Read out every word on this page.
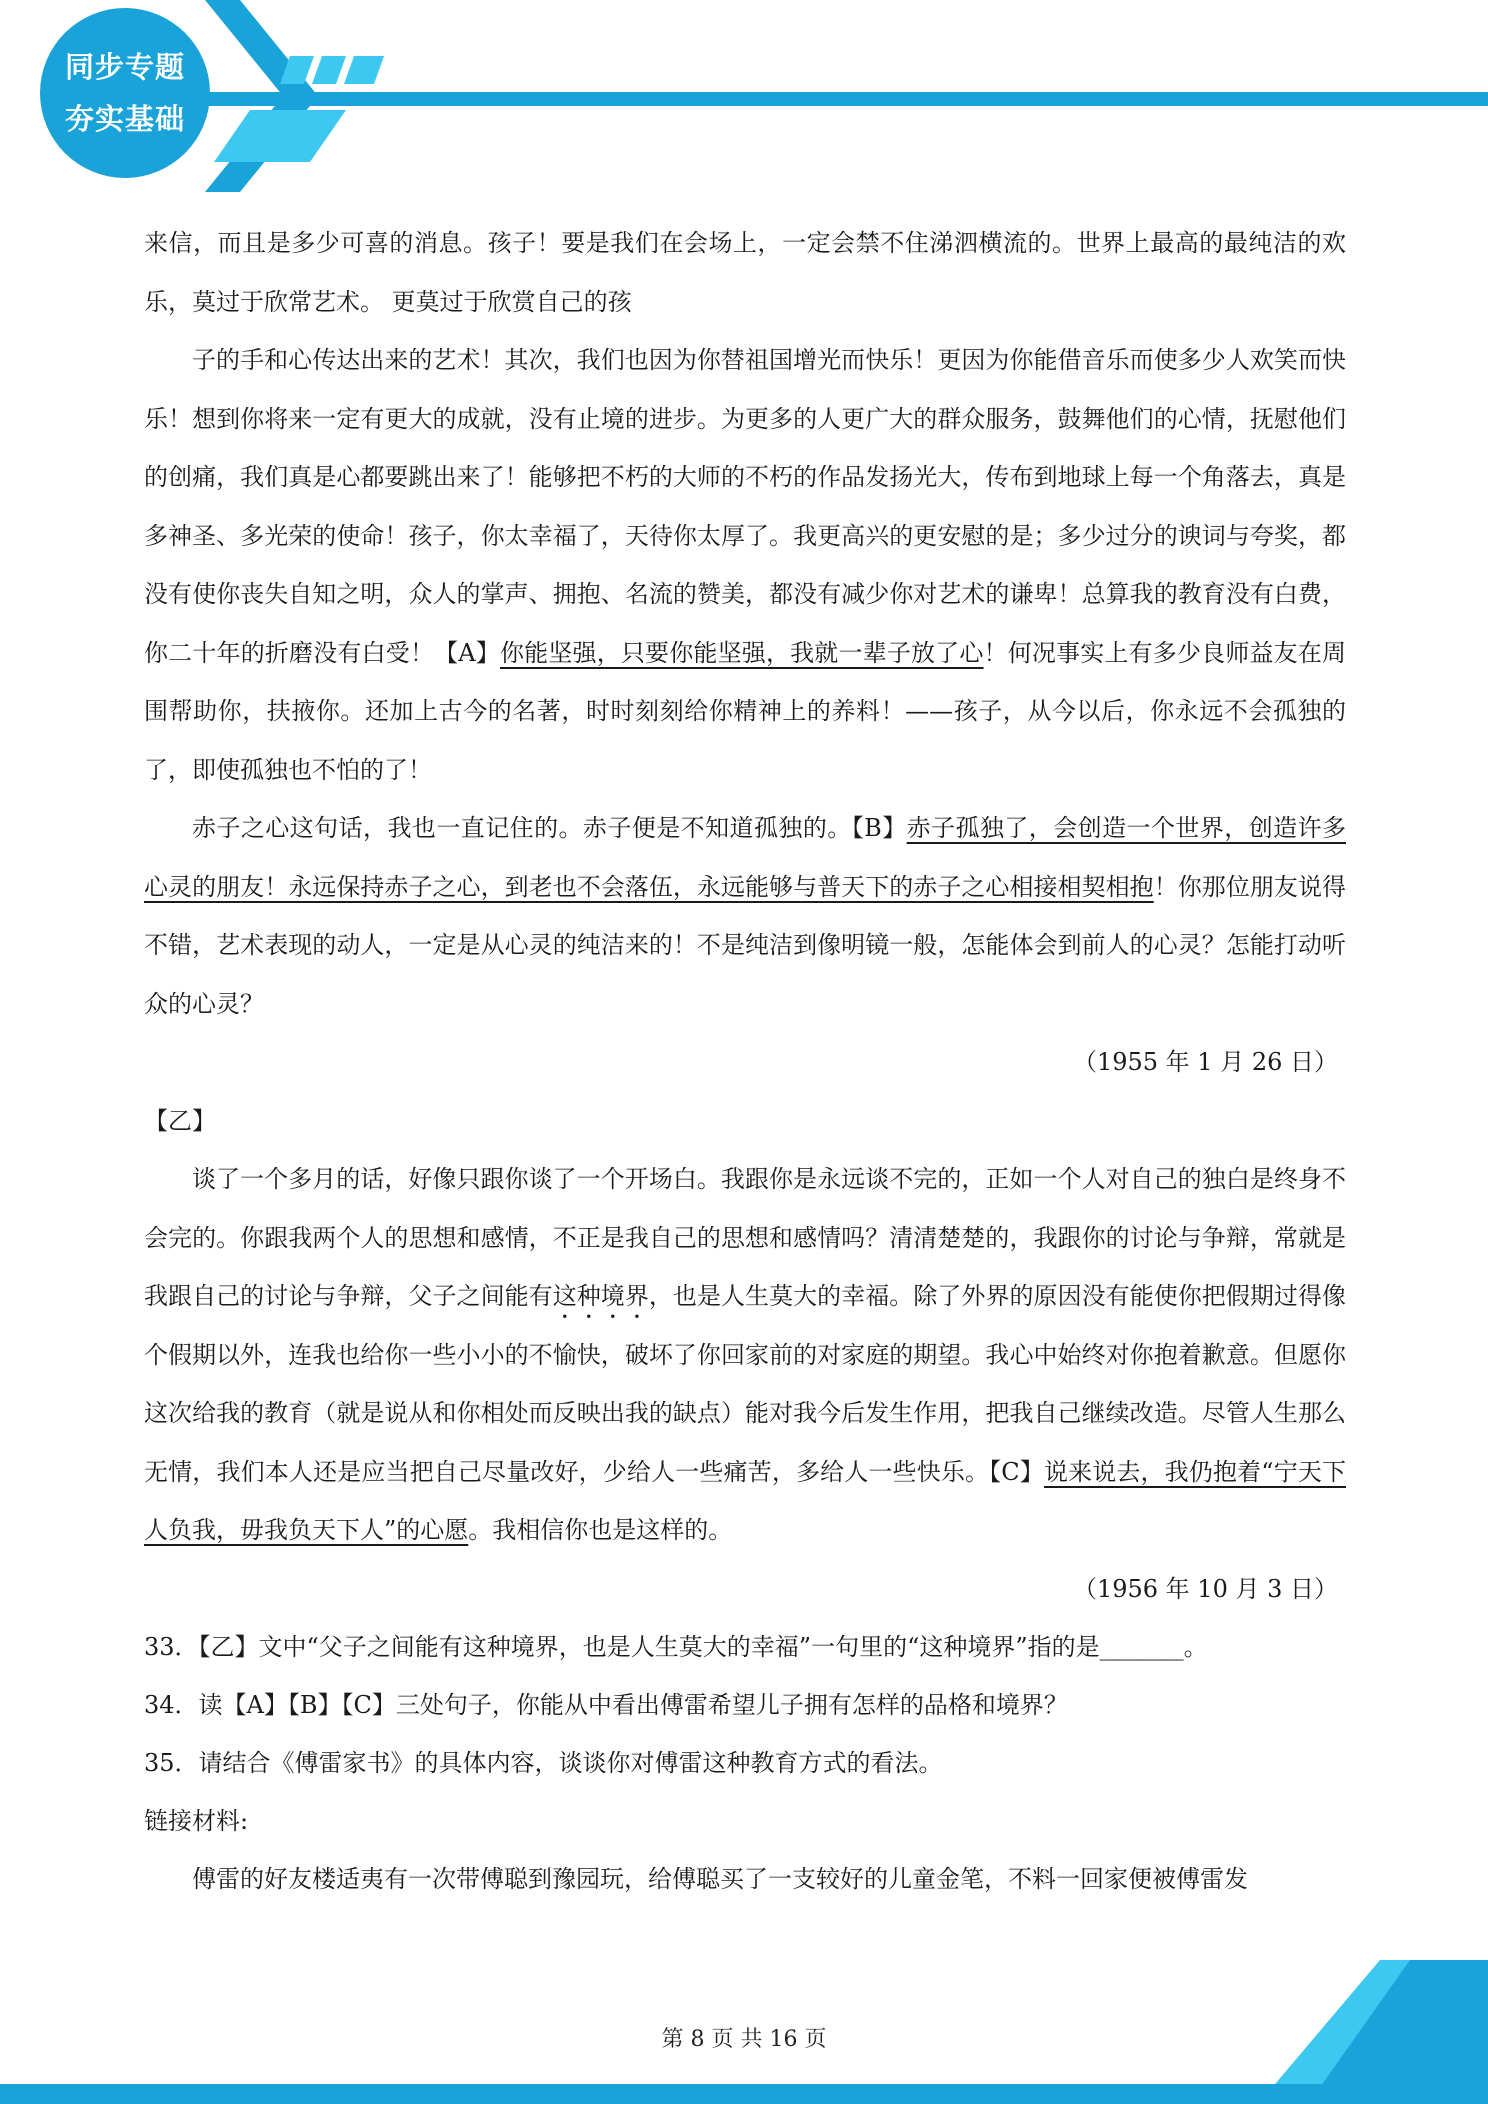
同步专题
夯实基础

来信，而且是多少可喜的消息。孩子！要是我们在会场上，一定会禁不住涕泗横流的。世界上最高的最纯洁的欢乐，莫过于欣常艺术。 更莫过于欣赏自己的孩

子的手和心传达出来的艺术！其次，我们也因为你替祖国增光而快乐！更因为你能借音乐而使多少人欢笑而快乐！想到你将来一定有更大的成就，没有止境的进步。为更多的人更广大的群众服务，鼓舞他们的心情，抚慰他们的创痛，我们真是心都要跳出来了！能够把不朽的大师的不朽的作品发扬光大，传布到地球上每一个角落去，真是多神圣、多光荣的使命！孩子，你太幸福了，天待你太厚了。我更高兴的更安慰的是；多少过分的谀词与夸奖，都没有使你丧失自知之明，众人的掌声、拥抱、名流的赞美，都没有减少你对艺术的谦卑！总算我的教育没有白费，你二十年的折磨没有白受！【A】你能坚强，只要你能坚强，我就一辈子放了心！何况事实上有多少良师益友在周围帮助你，扶掖你。还加上古今的名著，时时刻刻给你精神上的养料！——孩子，从今以后，你永远不会孤独的了，即使孤独也不怕的了！

赤子之心这句话，我也一直记住的。赤子便是不知道孤独的。【B】赤子孤独了，会创造一个世界，创造许多心灵的朋友！永远保持赤子之心，到老也不会落伍，永远能够与普天下的赤子之心相接相契相抱！你那位朋友说得不错，艺术表现的动人，一定是从心灵的纯洁来的！不是纯洁到像明镜一般，怎能体会到前人的心灵？怎能打动听众的心灵？

（1955 年 1 月 26 日）

【乙】

谈了一个多月的话，好像只跟你谈了一个开场白。我跟你是永远谈不完的，正如一个人对自己的独白是终身不会完的。你跟我两个人的思想和感情，不正是我自己的思想和感情吗？清清楚楚的，我跟你的讨论与争辩，常就是我跟自己的讨论与争辩，父子之间能有这种境界，也是人生莫大的幸福。除了外界的原因没有能使你把假期过得像个假期以外，连我也给你一些小小的不愉快，破坏了你回家前的对家庭的期望。我心中始终对你抱着歉意。但愿你这次给我的教育（就是说从和你相处而反映出我的缺点）能对我今后发生作用，把我自己继续改造。尽管人生那么无情，我们本人还是应当把自己尽量改好，少给人一些痛苦，多给人一些快乐。【C】说来说去，我仍抱着“宁天下人负我，毋我负天下人”的心愿。我相信你也是这样的。

（1956 年 10 月 3 日）

33．【乙】文中“父子之间能有这种境界，也是人生莫大的幸福”一句里的“这种境界”指的是_______。

34．读【A】【B】【C】三处句子，你能从中看出傅雷希望儿子拥有怎样的品格和境界？

35．请结合《傅雷家书》的具体内容，谈谈你对傅雷这种教育方式的看法。

链接材料:

傅雷的好友楼适夷有一次带傅聪到豫园玩，给傅聪买了一支较好的儿童金笔，不料一回家便被傅雷发

第 8 页 共 16 页
